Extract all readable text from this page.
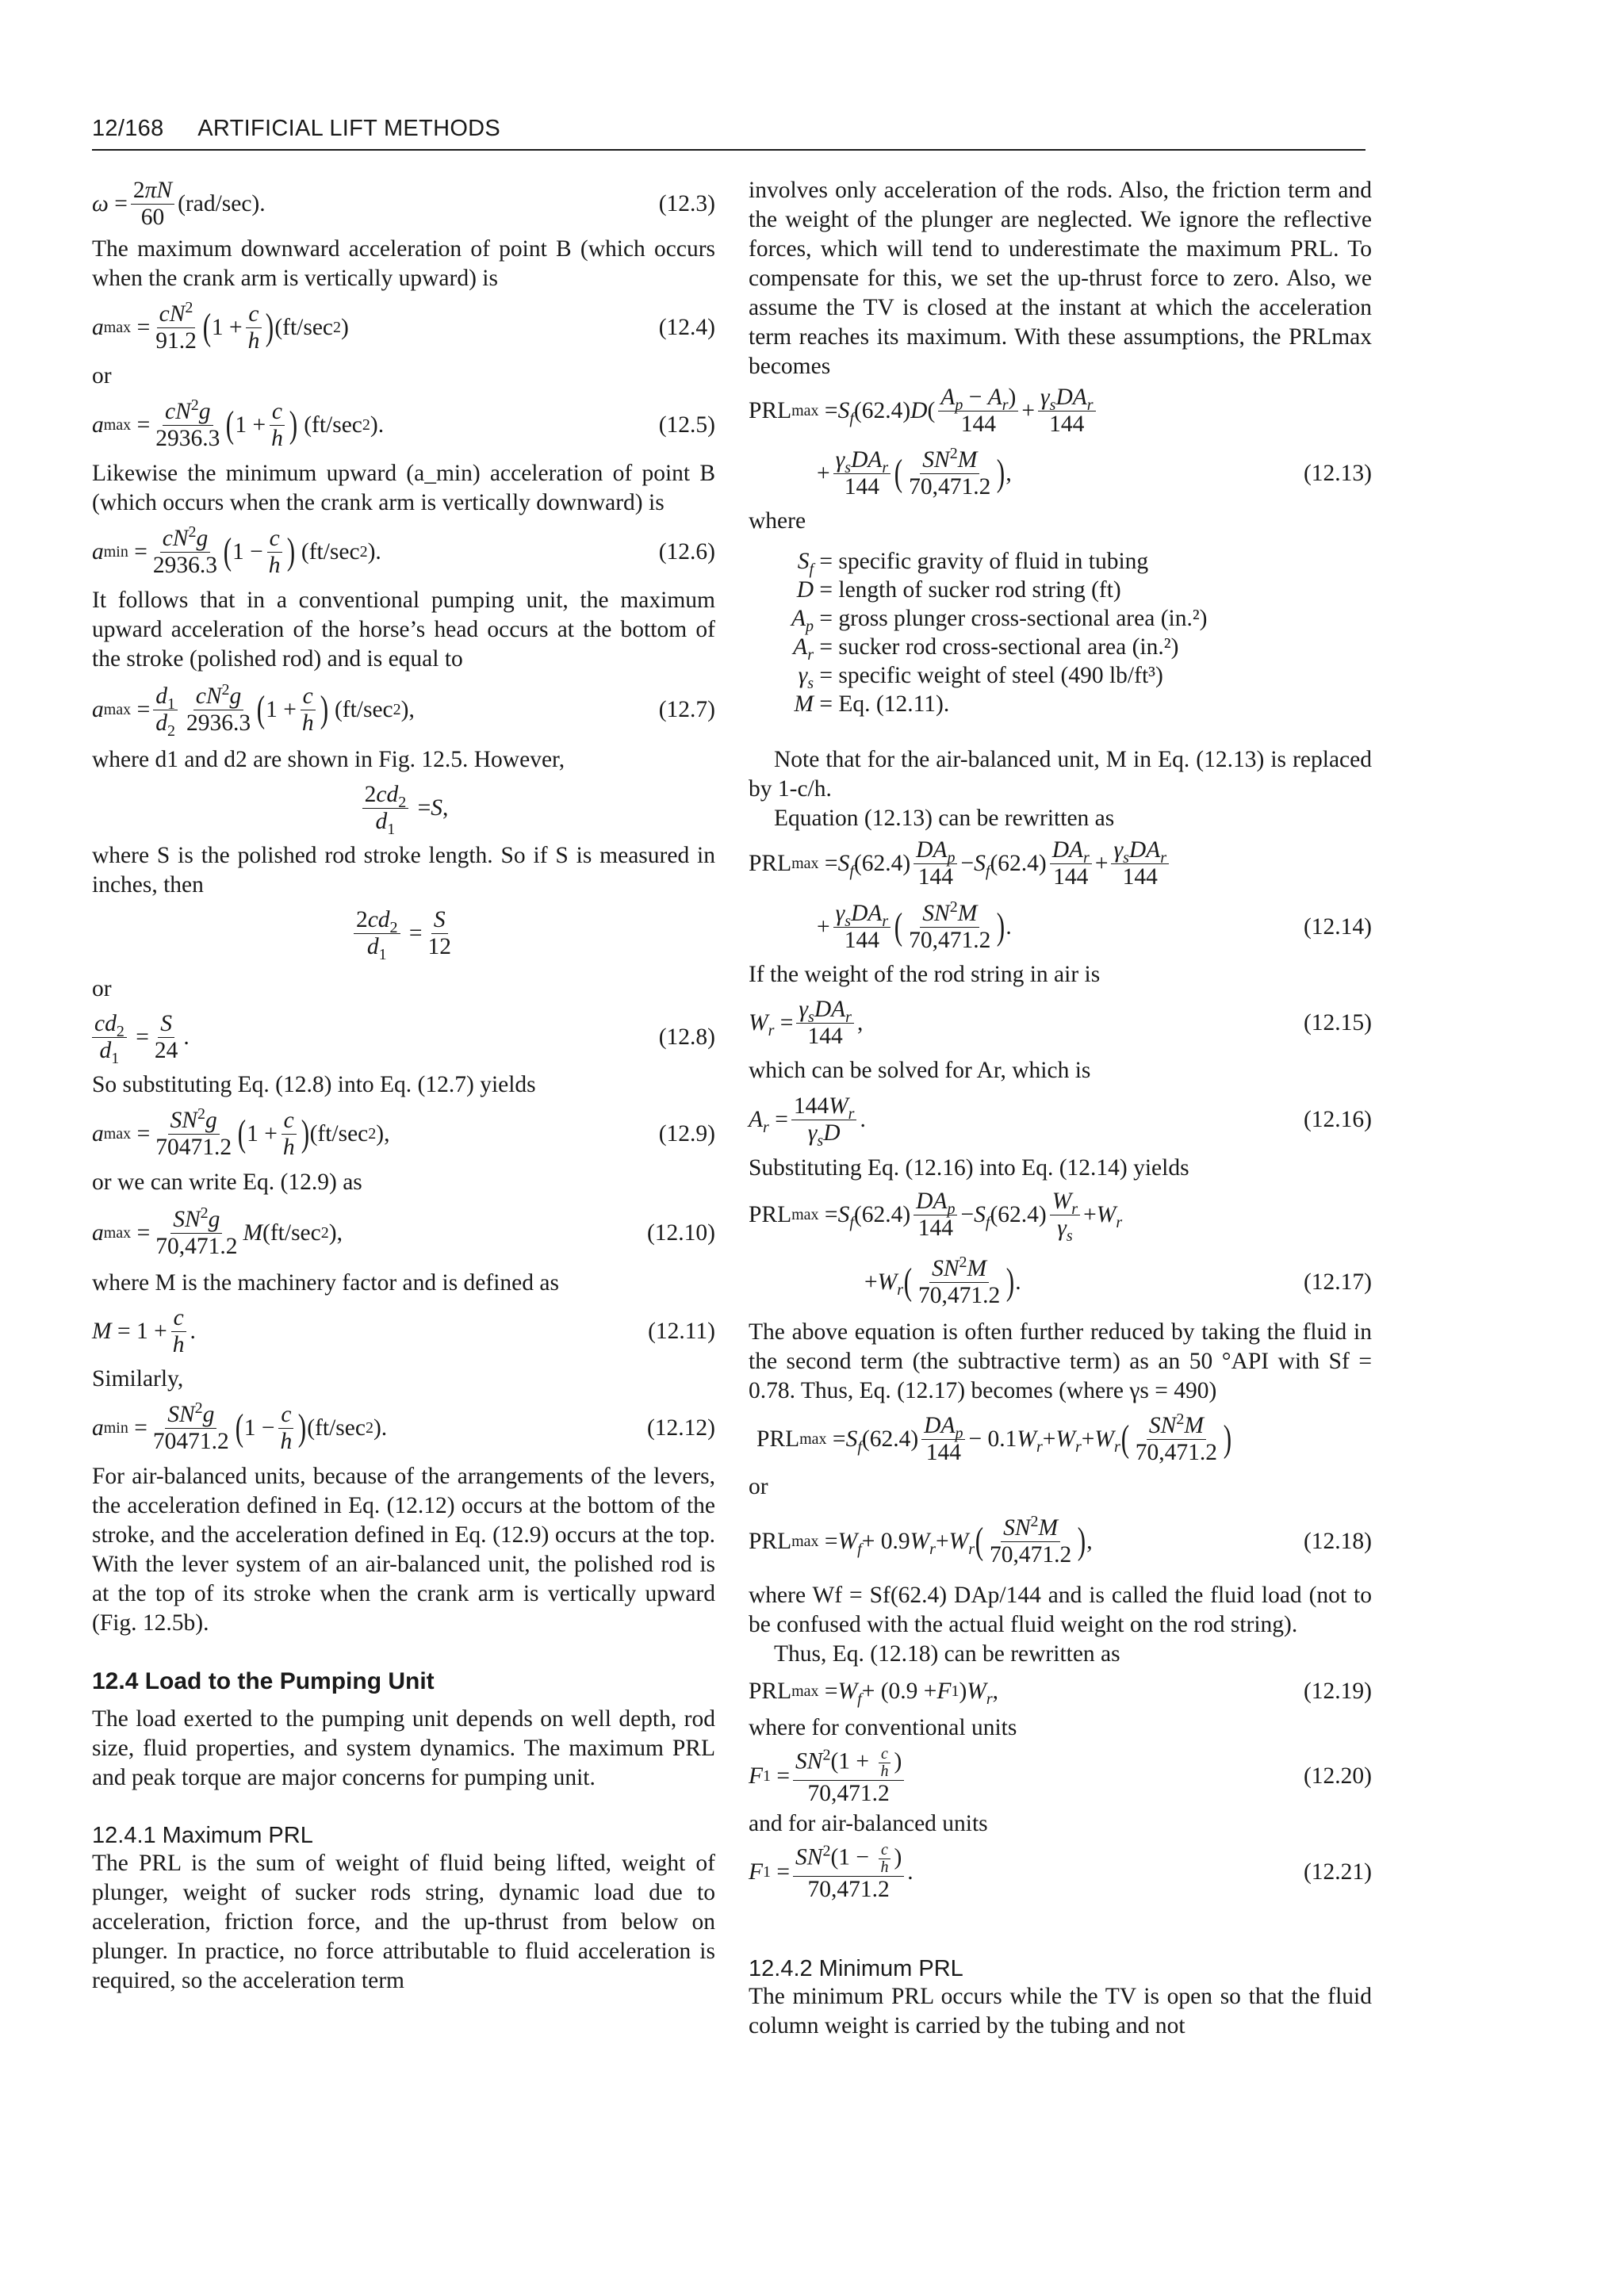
12/168 ARTIFICIAL LIFT METHODS
$\omega = \frac{2\pi N}{60} (rad/\sec)$.	(12.3)

The maximum downward acceleration of point B (which occurs when the crank arm is vertically upward) is

a $\max = \frac{cN^2}{91.2}$ ( $1 + \frac{c}{h}$ ) (ft/sec 2 )	(12.4)

or

a $\max = \frac{cN^2g}{2936.3}$ ( $1 + \frac{c}{h}$ ) (ft/sec 2 ).	(12.5)

Likewise the minimum upward (a_min) acceleration of point B (which occurs when the crank arm is vertically downward) is

a $\min = \frac{cN^2g}{2936.3}$ ( $1 - \frac{c}{h}$ ) (ft/sec 2 ).	(12.6)

It follows that in a conventional pumping unit, the maximum upward acceleration of the horse’s head occurs at the bottom of the stroke (polished rod) and is equal to

a $\max = \frac{d_1}{d_2} \frac{cN^2g}{2936.3}$ ( $1 + \frac{c}{h}$ ) (ft/sec 2 ),	(12.7)

where d1 and d2 are shown in Fig. 12.5. However,

$\frac{2cd_2}{d_1} = S$ ,

where S is the polished rod stroke length. So if S is measured in inches, then

$\frac{2cd_2}{d_1} = \frac{S}{12}$

or

$\frac{cd_2}{d_1} = \frac{S}{24}$ .	(12.8)

So substituting Eq. (12.8) into Eq. (12.7) yields

a $\max = \frac{SN^2g}{70471.2}$ ( $1 + \frac{c}{h}$ ) (ft/sec 2 ),	(12.9)

or we can write Eq. (12.9) as

a $\max = \frac{SN^2g}{70,471.2}$ M (ft/sec 2 ),	(12.10)

where M is the machinery factor and is defined as

$M = 1 + \frac{c}{h}$ .	(12.11)

Similarly,

a $\min = \frac{SN^2g}{70471.2}$ ( $1 - \frac{c}{h}$ ) (ft/sec 2 ).	(12.12)

For air-balanced units, because of the arrangements of the levers, the acceleration defined in Eq. (12.12) occurs at the bottom of the stroke, and the acceleration defined in Eq. (12.9) occurs at the top. With the lever system of an air-balanced unit, the polished rod is at the top of its stroke when the crank arm is vertically upward (Fig. 12.5b).

12.4 Load to the Pumping Unit

The load exerted to the pumping unit depends on well depth, rod size, fluid properties, and system dynamics. The maximum PRL and peak torque are major concerns for pumping unit.

12.4.1 Maximum PRL

The PRL is the sum of weight of fluid being lifted, weight of plunger, weight of sucker rods string, dynamic load due to acceleration, friction force, and the up-thrust from below on plunger. In practice, no force attributable to fluid acceleration is required, so the acceleration term

involves only acceleration of the rods. Also, the friction term and the weight of the plunger are neglected. We ignore the reflective forces, which will tend to underestimate the maximum PRL. To compensate for this, we set the up-thrust force to zero. Also, we assume the TV is closed at the instant at which the acceleration term reaches its maximum. With these assumptions, the PRLmax becomes

PRL $\max = S_f$ (62.4) D ( $\frac{A_p - A_r)}{144} + \frac{\gamma_sDA_r}{144}$
+ $\frac{\gamma_sDA_r}{144}$ ( $\frac{SN^2M}{70,471.2}$ ) ,	(12.13)

where

$S_f$ = specific gravity of fluid in tubing
D = length of sucker rod string (ft)
$A_p$ = gross plunger cross-sectional area (in.²)
$A_r$ = sucker rod cross-sectional area (in.²)
$\gamma_s$ = specific weight of steel (490 lb/ft³)
M = Eq. (12.11).

Note that for the air-balanced unit, M in Eq. (12.13) is replaced by 1-c/h.

Equation (12.13) can be rewritten as

PRL $\max = S_f$ $(62.4) \frac{DA_p}{144} - S_f$ $(62.4) \frac{DA_r}{144} + \frac{\gamma_sDA_r}{144}$
+ $\frac{\gamma_sDA_r}{144}$ ( $\frac{SN^2M}{70,471.2}$ ) .	(12.14)

If the weight of the rod string in air is

$W_r = \frac{\gamma_sDA_r}{144}$ ,	(12.15)

which can be solved for Ar, which is

$A_r = \frac{144W_r}{\gamma_sD}$ .	(12.16)

Substituting Eq. (12.16) into Eq. (12.14) yields

PRL $\max = S_f$ $(62.4) \frac{DA_p}{144} - S_f$ $(62.4) \frac{W_r}{\gamma_s} + W_r$
+ $W_r$ ( $\frac{SN^2M}{70,471.2}$ ) .	(12.17)

The above equation is often further reduced by taking the fluid in the second term (the subtractive term) as an 50 °API with Sf = 0.78. Thus, Eq. (12.17) becomes (where γs = 490)

PRL $\max = S_f$ $(62.4) \frac{DA_p}{144} - 0.1$ $W_r + W_r + W_r$ ( $\frac{SN^2M}{70,471.2}$ )

or

PRL $\max = W_f + 0.9$ $W_r + W_r$ ( $\frac{SN^2M}{70,471.2}$ ) ,	(12.18)

where Wf = Sf(62.4) DAp/144 and is called the fluid load (not to be confused with the actual fluid weight on the rod string).

Thus, Eq. (12.18) can be rewritten as

PRL $\max = W_f + (0.9 + F$ 1 ) $W_r$ ,	(12.19)

where for conventional units

F $1 = \frac{SN^2(1 + \frac{c}{h} )}{70,471.2}$	(12.20)

and for air-balanced units

F $1 = \frac{SN^2(1 - \frac{c}{h} )}{70,471.2}$ .	(12.21)
12.4.2 Minimum PRL

The minimum PRL occurs while the TV is open so that the fluid column weight is carried by the tubing and not
